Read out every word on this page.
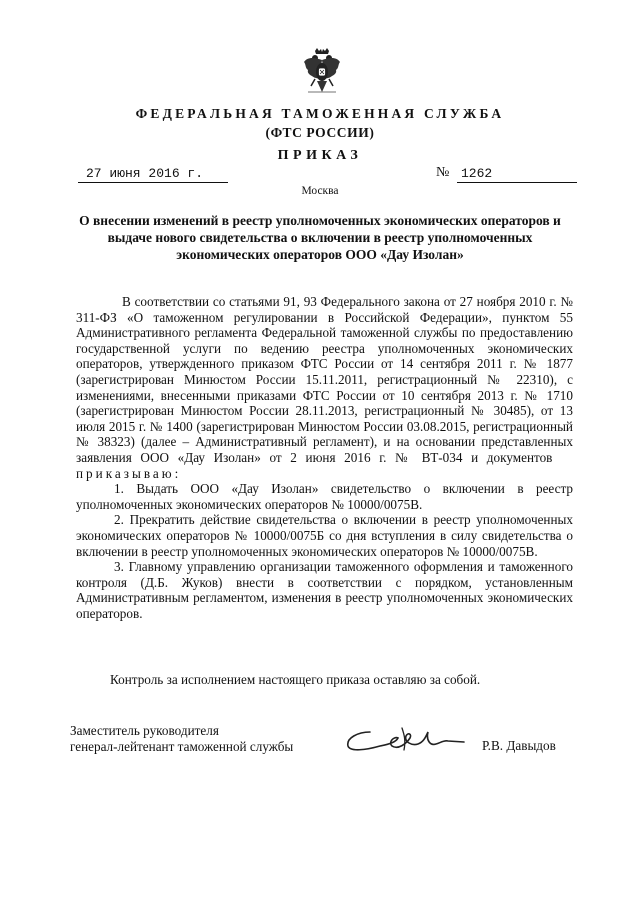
ФЕДЕРАЛЬНАЯ ТАМОЖЕННАЯ СЛУЖБА
(ФТС РОССИИ)
ПРИКАЗ
27 июня 2016 г.	№ 1262
Москва
О внесении изменений в реестр уполномоченных экономических операторов и выдаче нового свидетельства о включении в реестр уполномоченных экономических операторов ООО «Дау Изолан»

В соответствии со статьями 91, 93 Федерального закона от 27 ноября 2010 г. № 311-ФЗ «О таможенном регулировании в Российской Федерации», пунктом 55 Административного регламента Федеральной таможенной службы по предоставлению государственной услуги по ведению реестра уполномоченных экономических операторов, утвержденного приказом ФТС России от 14 сентября 2011 г. № 1877 (зарегистрирован Минюстом России 15.11.2011, регистрационный № 22310), с изменениями, внесенными приказами ФТС России от 10 сентября 2013 г. № 1710 (зарегистрирован Минюстом России 28.11.2013, регистрационный № 30485), от 13 июля 2015 г. № 1400 (зарегистрирован Минюстом России 03.08.2015, регистрационный № 38323) (далее – Административный регламент), и на основании представленных заявления ООО «Дау Изолан» от 2 июня 2016 г. № ВТ-034 и документов    приказываю:

1. Выдать ООО «Дау Изолан» свидетельство о включении в реестр уполномоченных экономических операторов № 10000/0075В.

2. Прекратить действие свидетельства о включении в реестр уполномоченных экономических операторов № 10000/0075Б со дня вступления в силу свидетельства о включении в реестр уполномоченных экономических операторов № 10000/0075В.

3. Главному управлению организации таможенного оформления и таможенного контроля (Д.Б. Жуков) внести в соответствии с порядком, установленным Административным регламентом, изменения в реестр уполномоченных экономических операторов.

Контроль за исполнением настоящего приказа оставляю за собой.
Заместитель руководителя
генерал-лейтенант таможенной службы	Р.В. Давыдов
